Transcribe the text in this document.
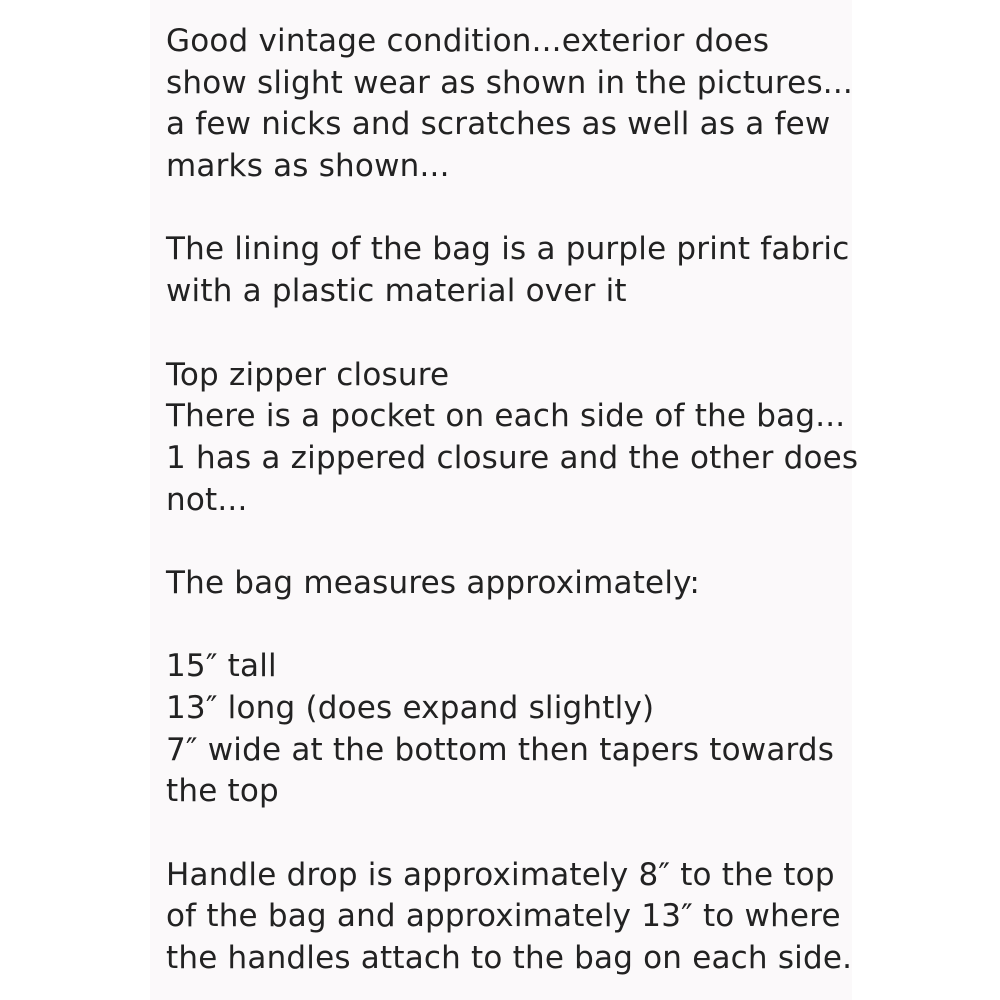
Good vintage condition...exterior does
show slight wear as shown in the pictures...
a few nicks and scratches as well as a few
marks as shown...
The lining of the bag is a purple print fabric
with a plastic material over it
Top zipper closure
There is a pocket on each side of the bag...
1 has a zippered closure and the other does
not...
The bag measures approximately:
15″ tall
13″ long (does expand slightly)
7″ wide at the bottom then tapers towards
the top
Handle drop is approximately 8″ to the top
of the bag and approximately 13″ to where
the handles attach to the bag on each side.
